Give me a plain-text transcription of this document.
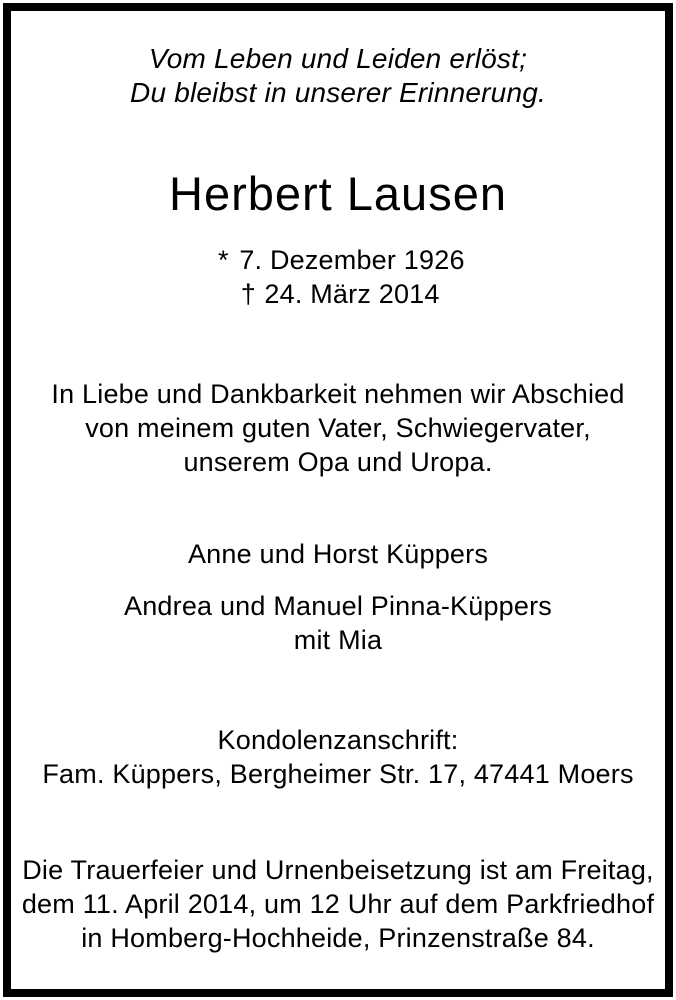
Vom Leben und Leiden erlöst;
Du bleibst in unserer Erinnerung.
Herbert Lausen
* 7. Dezember 1926
† 24. März 2014
In Liebe und Dankbarkeit nehmen wir Abschied
von meinem guten Vater, Schwiegervater,
unserem Opa und Uropa.
Anne und Horst Küppers
Andrea und Manuel Pinna-Küppers
mit Mia
Kondolenzanschrift:
Fam. Küppers, Bergheimer Str. 17, 47441 Moers
Die Trauerfeier und Urnenbeisetzung ist am Freitag,
dem 11. April 2014, um 12 Uhr auf dem Parkfriedhof
in Homberg-Hochheide, Prinzenstraße 84.
